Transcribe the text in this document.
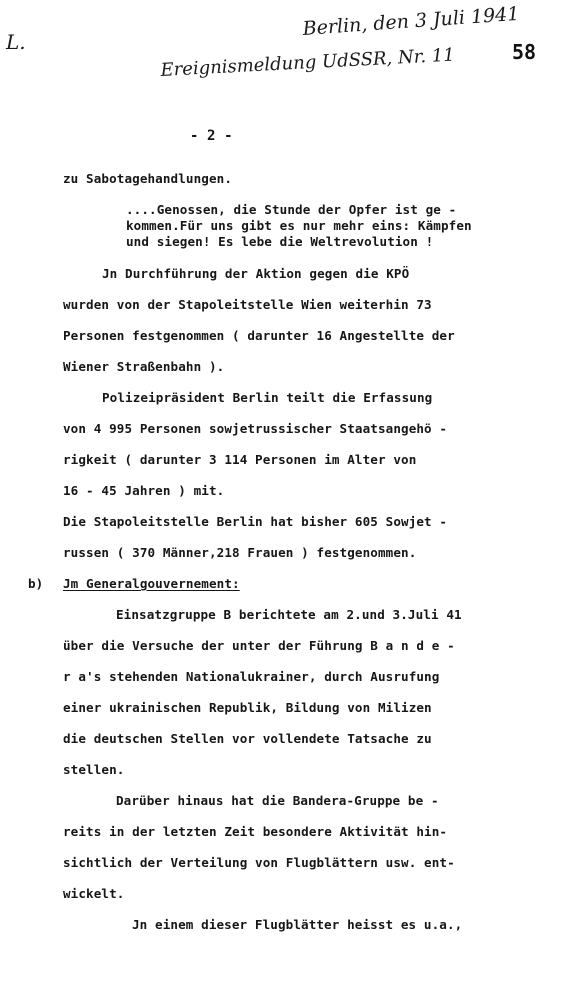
L.
Berlin, den 3 Juli 1941
58
Ereignismeldung UdSSR, Nr. 11
- 2 -
zu Sabotagehandlungen.
....Genossen, die Stunde der Opfer ist ge -
kommen.Für uns gibt es nur mehr eins: Kämpfen
und siegen! Es lebe die Weltrevolution !
Jn Durchführung der Aktion gegen die KPÖ
wurden von der Stapoleitstelle Wien weiterhin 73
Personen festgenommen ( darunter 16 Angestellte der
Wiener Straßenbahn ).
Polizeipräsident Berlin teilt die Erfassung
von 4 995 Personen sowjetrussischer Staatsangehö -
rigkeit ( darunter 3 114 Personen im Alter von
16 - 45 Jahren ) mit.
Die Stapoleitstelle Berlin hat bisher 605 Sowjet -
russen ( 370 Männer,218 Frauen ) festgenommen.
b) Jm Generalgouvernement:
Einsatzgruppe B berichtete am 2.und 3.Juli 41
über die Versuche der unter der Führung B a n d e -
r a's stehenden Nationalukrainer, durch Ausrufung
einer ukrainischen Republik, Bildung von Milizen
die deutschen Stellen vor vollendete Tatsache zu
stellen.
Darüber hinaus hat die Bandera-Gruppe be -
reits in der letzten Zeit besondere Aktivität hin-
sichtlich der Verteilung von Flugblättern usw. ent-
wickelt.
Jn einem dieser Flugblätter heisst es u.a.,
